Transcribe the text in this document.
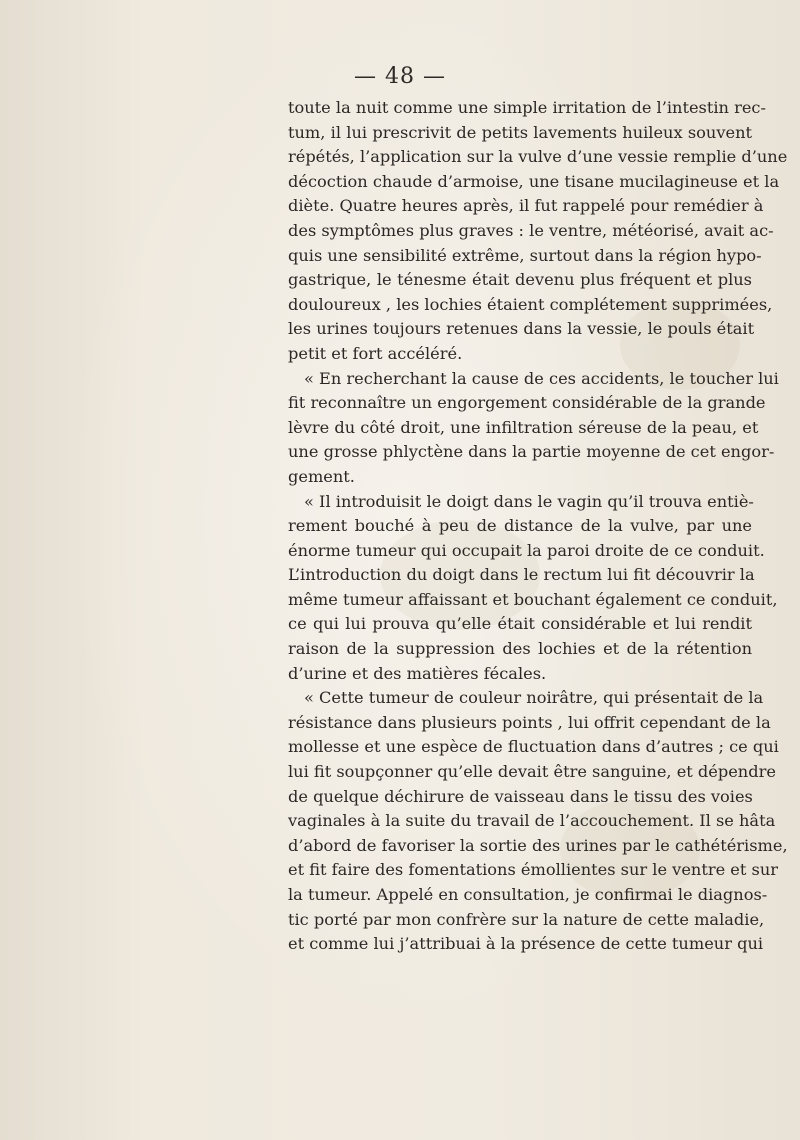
— 48 —
toute la nuit comme une simple irritation de l’intestin rec-
tum, il lui prescrivit de petits lavements huileux souvent
répétés, l’application sur la vulve d’une vessie remplie d’une
décoction chaude d’armoise, une tisane mucilagineuse et la
diète. Quatre heures après, il fut rappelé pour remédier à
des symptômes plus graves : le ventre, météorisé, avait ac-
quis une sensibilité extrême, surtout dans la région hypo-
gastrique, le ténesme était devenu plus fréquent et plus
douloureux , les lochies étaient complétement supprimées,
les urines toujours retenues dans la vessie, le pouls était
petit et fort accéléré.
« En recherchant la cause de ces accidents, le toucher lui
fit reconnaître un engorgement considérable de la grande
lèvre du côté droit, une infiltration séreuse de la peau, et
une grosse phlyctène dans la partie moyenne de cet engor-
gement.
« Il introduisit le doigt dans le vagin qu’il trouva entiè-
rement bouché à peu de distance de la vulve, par une
énorme tumeur qui occupait la paroi droite de ce conduit.
L’introduction du doigt dans le rectum lui fit découvrir la
même tumeur affaissant et bouchant également ce conduit,
ce qui lui prouva qu’elle était considérable et lui rendit
raison de la suppression des lochies et de la rétention
d’urine et des matières fécales.
« Cette tumeur de couleur noirâtre, qui présentait de la
résistance dans plusieurs points , lui offrit cependant de la
mollesse et une espèce de fluctuation dans d’autres ; ce qui
lui fit soupçonner qu’elle devait être sanguine, et dépendre
de quelque déchirure de vaisseau dans le tissu des voies
vaginales à la suite du travail de l’accouchement. Il se hâta
d’abord de favoriser la sortie des urines par le cathétérisme,
et fit faire des fomentations émollientes sur le ventre et sur
la tumeur. Appelé en consultation, je confirmai le diagnos-
tic porté par mon confrère sur la nature de cette maladie,
et comme lui j’attribuai à la présence de cette tumeur qui
